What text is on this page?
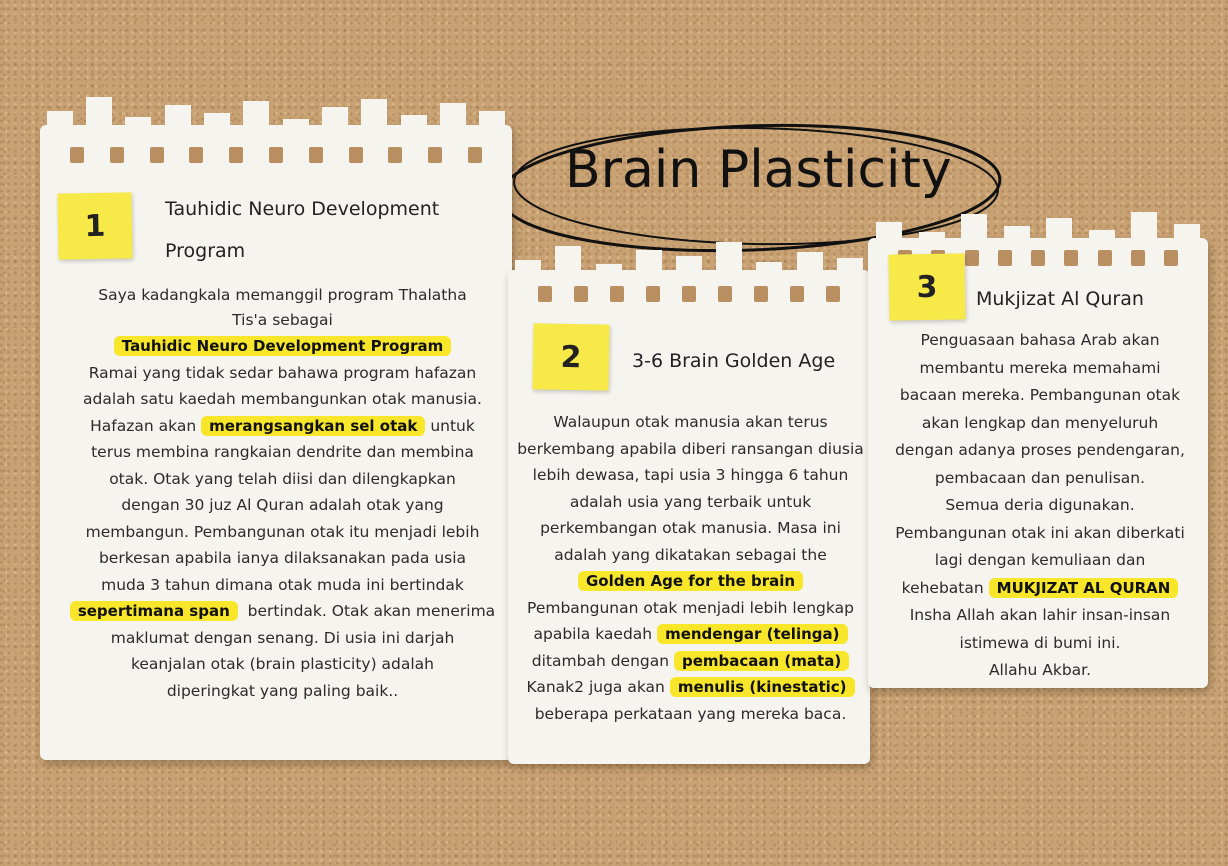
Brain Plasticity
1	Tauhidic Neuro Development
Program
Saya kadangkala memanggil program Thalatha
Tis'a sebagai
Tauhidic Neuro Development Program
Ramai yang tidak sedar bahawa program hafazan
adalah satu kaedah membangunkan otak manusia.
Hafazan akan merangsangkan sel otak untuk
terus membina rangkaian dendrite dan membina
otak. Otak yang telah diisi dan dilengkapkan
dengan 30 juz Al Quran adalah otak yang
membangun. Pembangunan otak itu menjadi lebih
berkesan apabila ianya dilaksanakan pada usia
muda 3 tahun dimana otak muda ini bertindak
sepertimana span bertindak. Otak akan menerima
maklumat dengan senang. Di usia ini darjah
keanjalan otak (brain plasticity) adalah
diperingkat yang paling baik..
2	3-6 Brain Golden Age
Walaupun otak manusia akan terus
berkembang apabila diberi ransangan diusia
lebih dewasa, tapi usia 3 hingga 6 tahun
adalah usia yang terbaik untuk
perkembangan otak manusia. Masa ini
adalah yang dikatakan sebagai the
Golden Age for the brain
Pembangunan otak menjadi lebih lengkap
apabila kaedah mendengar (telinga)
ditambah dengan pembacaan (mata)
Kanak2 juga akan menulis (kinestatic)
beberapa perkataan yang mereka baca.
3 Mukjizat Al Quran
Penguasaan bahasa Arab akan
membantu mereka memahami
bacaan mereka. Pembangunan otak
akan lengkap dan menyeluruh
dengan adanya proses pendengaran,
pembacaan dan penulisan.
Semua deria digunakan.
Pembangunan otak ini akan diberkati
lagi dengan kemuliaan dan
kehebatan MUKJIZAT AL QURAN
Insha Allah akan lahir insan-insan
istimewa di bumi ini.
Allahu Akbar.
